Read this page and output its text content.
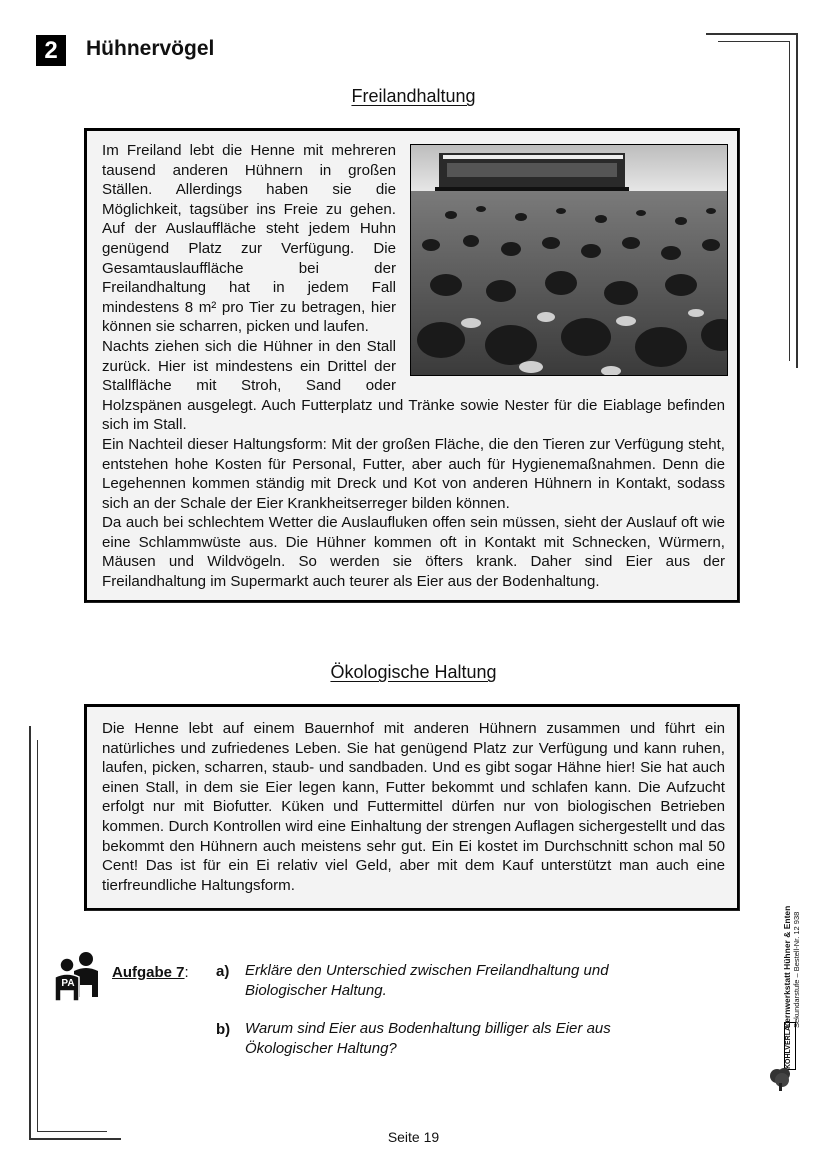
2	Hühnervögel
Freilandhaltung

Im Freiland lebt die Henne mit mehreren tausend anderen Hühnern in großen Ställen. Allerdings haben sie die Möglichkeit, tagsüber ins Freie zu gehen. Auf der Auslauffläche steht jedem Huhn genügend Platz zur Verfügung. Die Gesamtauslauffläche bei der Freilandhaltung hat in jedem Fall mindestens 8 m² pro Tier zu betragen, hier können sie scharren, picken und laufen.

Nachts ziehen sich die Hühner in den Stall zurück. Hier ist mindestens ein Drittel der Stallfläche mit Stroh, Sand oder Holzspänen ausgelegt. Auch Futterplatz und Tränke sowie Nester für die Eiablage befinden sich im Stall.

Ein Nachteil dieser Haltungsform: Mit der großen Fläche, die den Tieren zur Verfügung steht, entstehen hohe Kosten für Personal, Futter, aber auch für Hygienemaßnahmen. Denn die Legehennen kommen ständig mit Dreck und Kot von anderen Hühnern in Kontakt, sodass sich an der Schale der Eier Krankheitserreger bilden können.

Da auch bei schlechtem Wetter die Auslaufluken offen sein müssen, sieht der Auslauf oft wie eine Schlammwüste aus. Die Hühner kommen oft in Kontakt mit Schnecken, Würmern, Mäusen und Wildvögeln. So werden sie öfters krank. Daher sind Eier aus der Freilandhaltung im Supermarkt auch teurer als Eier aus der Bodenhaltung.

Ökologische Haltung

Die Henne lebt auf einem Bauernhof mit anderen Hühnern zusammen und führt ein natürliches und zufriedenes Leben. Sie hat genügend Platz zur Verfügung und kann ruhen, laufen, picken, scharren, staub- und sandbaden. Und es gibt sogar Hähne hier! Sie hat auch einen Stall, in dem sie Eier legen kann, Futter bekommt und schlafen kann. Die Aufzucht erfolgt nur mit Biofutter. Küken und Futtermittel dürfen nur von biologischen Betrieben kommen. Durch Kontrollen wird eine Einhaltung der strengen Auflagen sichergestellt und das bekommt den Hühnern auch meistens sehr gut. Ein Ei kostet im Durchschnitt schon mal 50 Cent! Das ist für ein Ei relativ viel Geld, aber mit dem Kauf unterstützt man auch eine tierfreundliche Haltungsform.

PA
Aufgabe 7: a) Erkläre den Unterschied zwischen Freilandhaltung und
Biologischer Haltung.
b) Warum sind Eier aus Bodenhaltung billiger als Eier aus
Ökologischer Haltung?
Lernwerkstatt Hühner & Enten Sekundarstufe – Bestell-Nr. 12 938
KOHLVERLAG
Seite 19
